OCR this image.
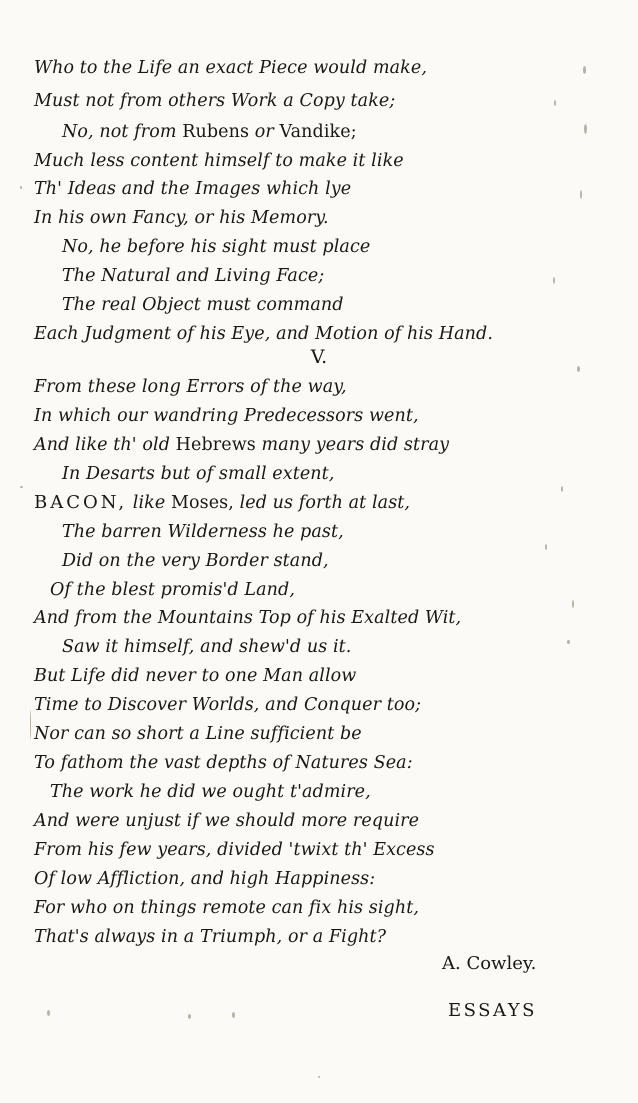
Who to the Life an exact Piece would make,
Must not from others Work a Copy take;
No, not from Rubens or Vandike;
Much less content himself to make it like
Th' Ideas and the Images which lye
In his own Fancy, or his Memory.
No, he before his sight must place
The Natural and Living Face;
The real Object must command
Each Judgment of his Eye, and Motion of his Hand.
V.
From these long Errors of the way,
In which our wandring Predecessors went,
And like th' old Hebrews many years did stray
In Desarts but of small extent,
BACON, like Moses, led us forth at last,
The barren Wilderness he past,
Did on the very Border stand,
Of the blest promis'd Land,
And from the Mountains Top of his Exalted Wit,
Saw it himself, and shew'd us it.
But Life did never to one Man allow
Time to Discover Worlds, and Conquer too;
Nor can so short a Line sufficient be
To fathom the vast depths of Natures Sea:
The work he did we ought t'admire,
And were unjust if we should more require
From his few years, divided 'twixt th' Excess
Of low Affliction, and high Happiness:
For who on things remote can fix his sight,
That's always in a Triumph, or a Fight?
A. Cowley.
ESSAYS
